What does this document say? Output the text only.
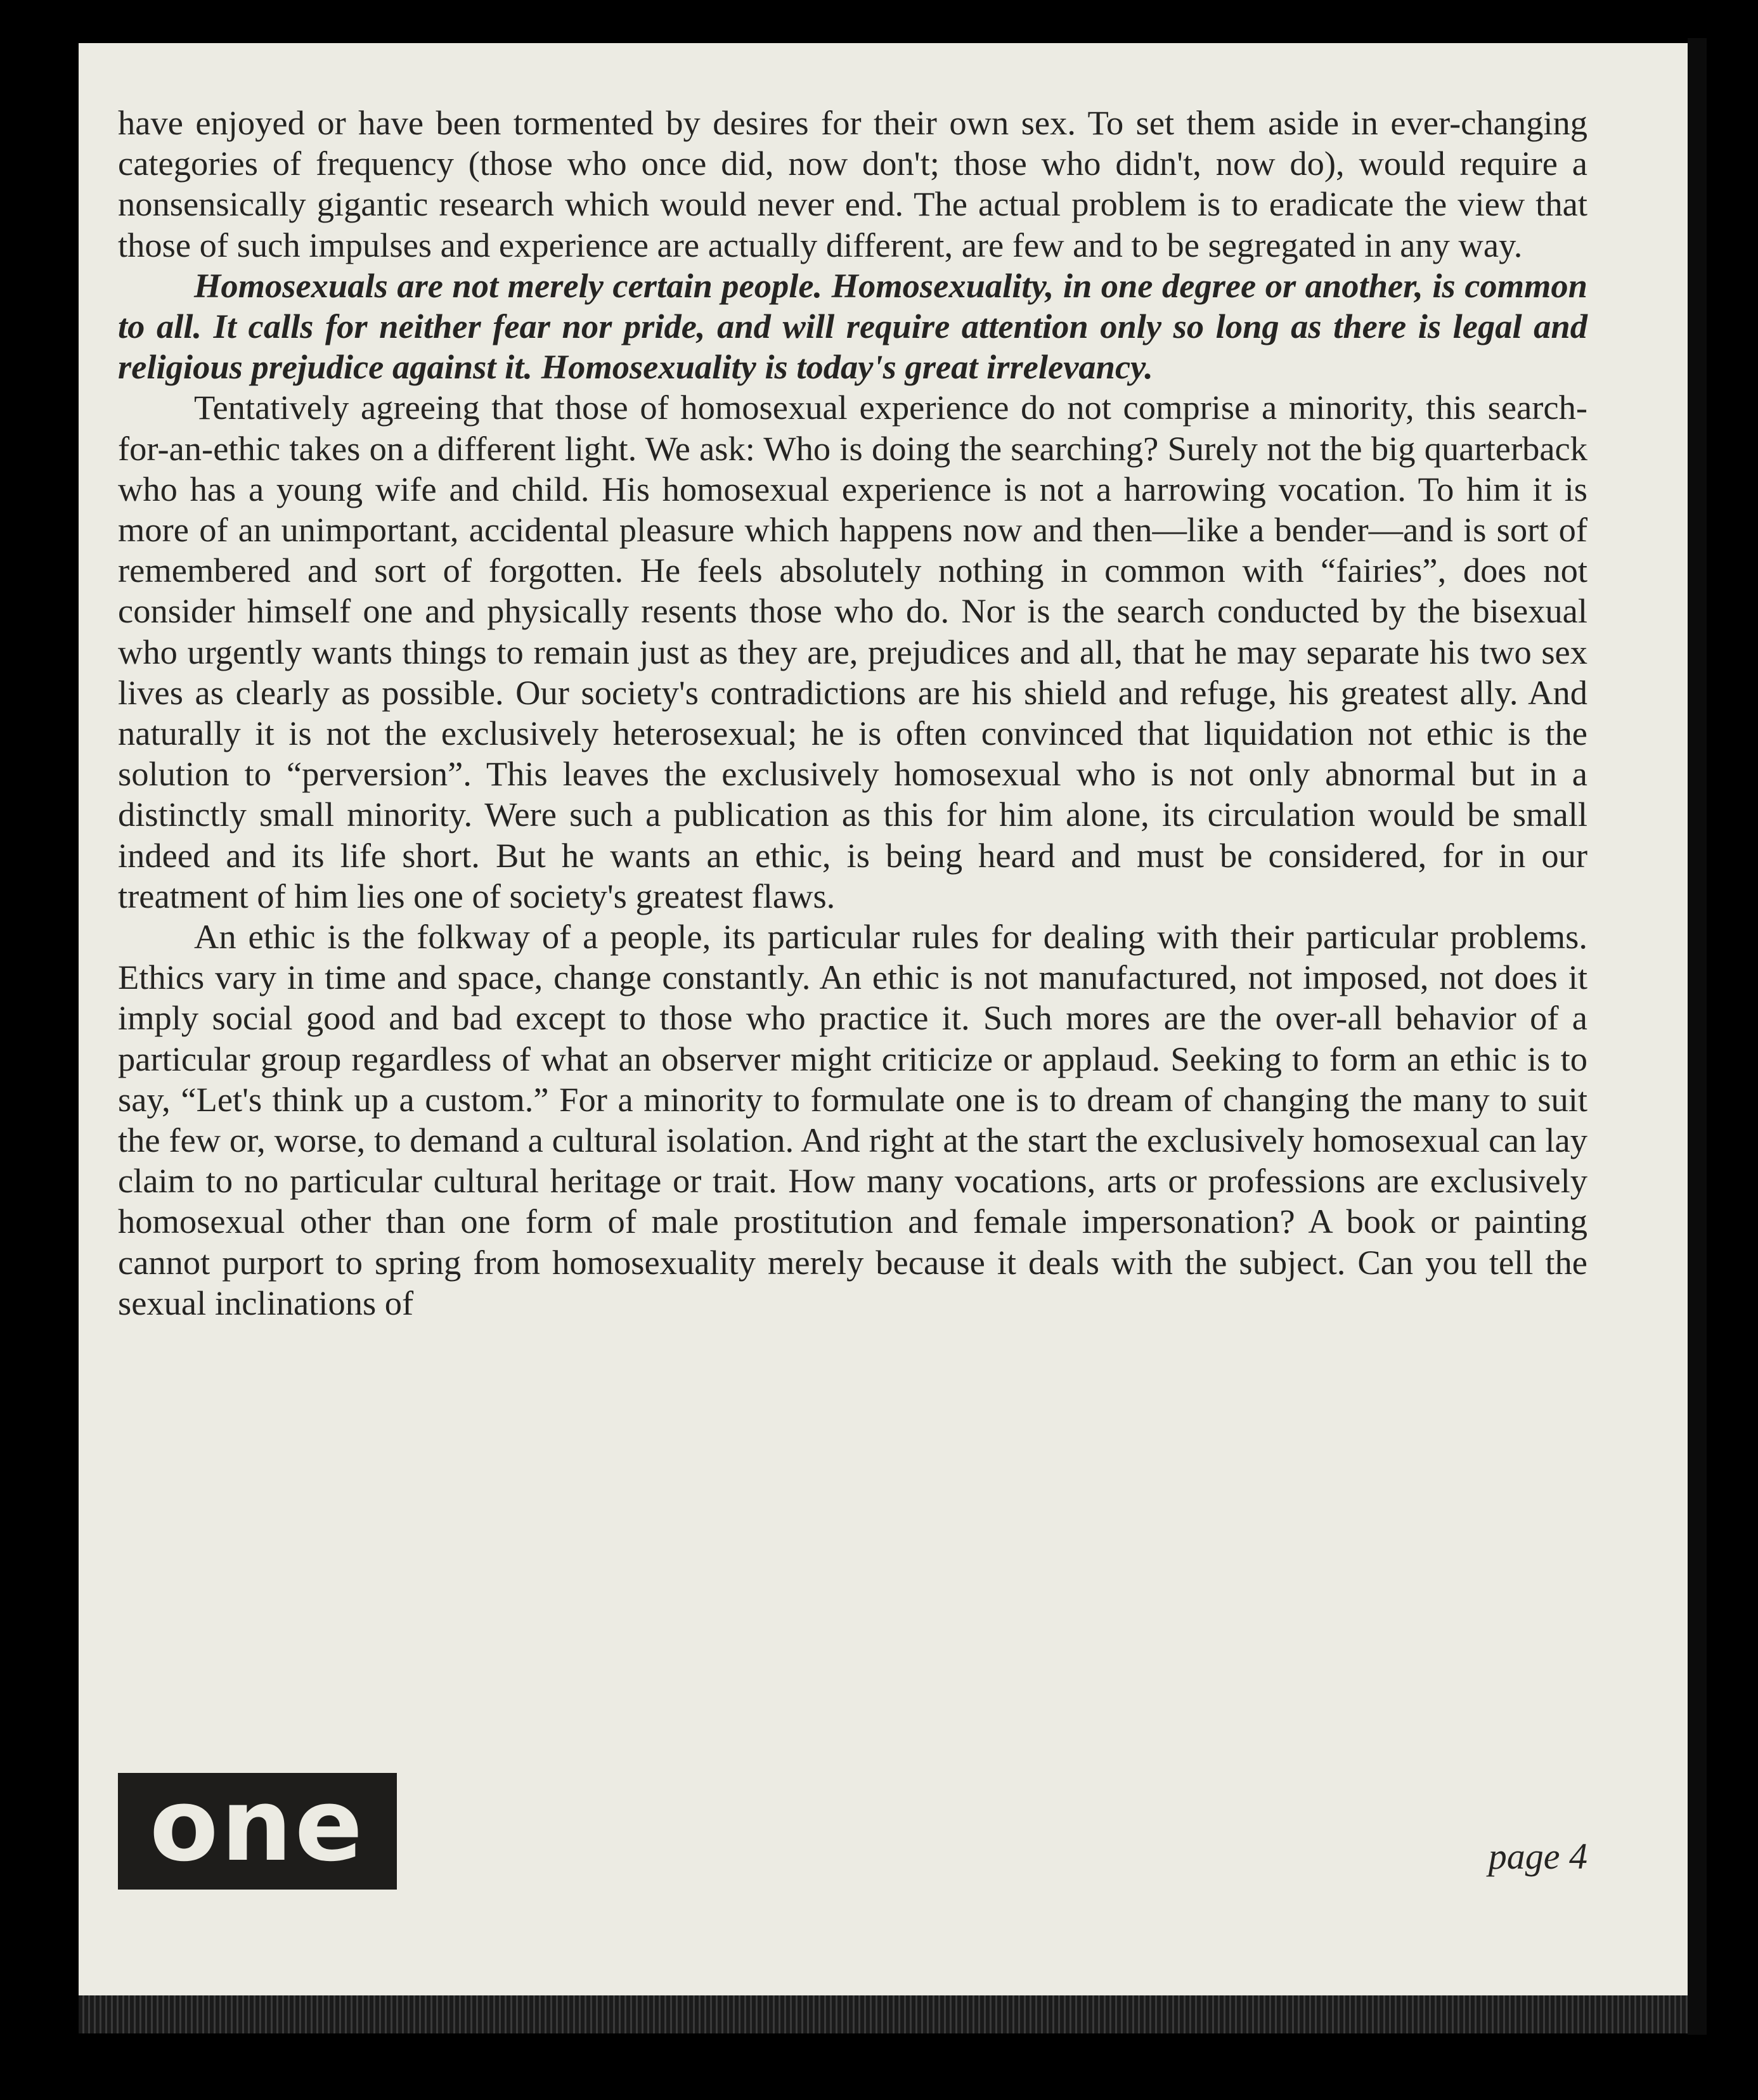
have enjoyed or have been tormented by desires for their own sex. To set them aside in ever-changing categories of frequency (those who once did, now don't; those who didn't, now do), would require a nonsensically gigantic research which would never end. The actual problem is to eradicate the view that those of such impulses and experience are actually different, are few and to be segregated in any way.

Homosexuals are not merely certain people. Homosexuality, in one degree or another, is common to all. It calls for neither fear nor pride, and will require attention only so long as there is legal and religious prejudice against it. Homosexuality is today's great irrelevancy.

Tentatively agreeing that those of homosexual experience do not comprise a minority, this search-for-an-ethic takes on a different light. We ask: Who is doing the searching? Surely not the big quarterback who has a young wife and child. His homosexual experience is not a harrowing vocation. To him it is more of an unimportant, accidental pleasure which happens now and then—like a bender—and is sort of remembered and sort of forgotten. He feels absolutely nothing in common with “fairies”, does not consider himself one and physically resents those who do. Nor is the search conducted by the bisexual who urgently wants things to remain just as they are, prejudices and all, that he may separate his two sex lives as clearly as possible. Our society's contradictions are his shield and refuge, his greatest ally. And naturally it is not the exclusively heterosexual; he is often convinced that liquidation not ethic is the solution to “perversion”. This leaves the exclusively homosexual who is not only abnormal but in a distinctly small minority. Were such a publication as this for him alone, its circulation would be small indeed and its life short. But he wants an ethic, is being heard and must be considered, for in our treatment of him lies one of society's greatest flaws.

An ethic is the folkway of a people, its particular rules for dealing with their particular problems. Ethics vary in time and space, change constantly. An ethic is not manufactured, not imposed, not does it imply social good and bad except to those who practice it. Such mores are the over-all behavior of a particular group regardless of what an observer might criticize or applaud. Seeking to form an ethic is to say, “Let's think up a custom.” For a minority to formulate one is to dream of changing the many to suit the few or, worse, to demand a cultural isolation. And right at the start the exclusively homosexual can lay claim to no particular cultural heritage or trait. How many vocations, arts or professions are exclusively homosexual other than one form of male prostitution and female impersonation? A book or painting cannot purport to spring from homosexuality merely because it deals with the subject. Can you tell the sexual inclinations of

one	page 4
